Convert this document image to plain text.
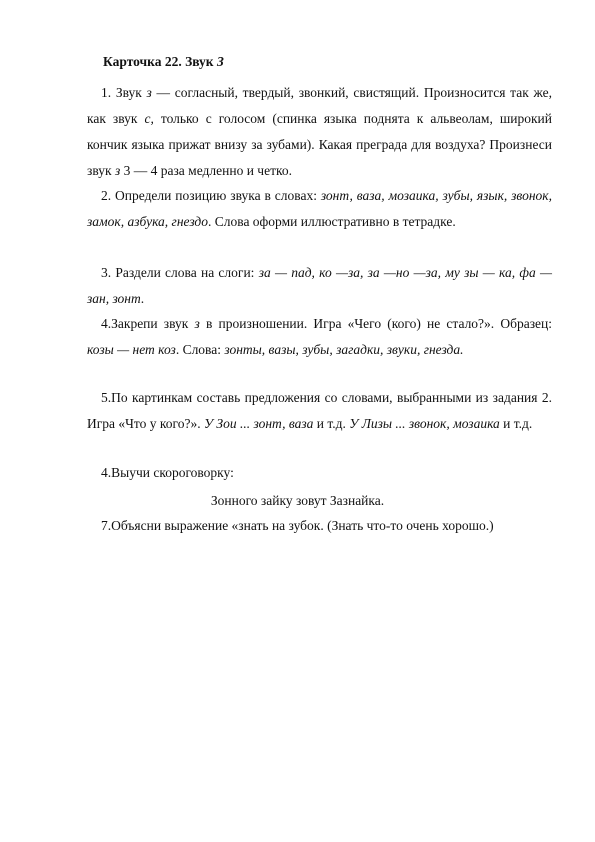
Карточка 22. Звук З
1. Звук з — согласный, твердый, звонкий, свистящий. Произносится так же, как звук с, только с голосом (спинка языка поднята к альвеолам, широкий кончик языка прижат внизу за зубами). Какая преграда для воздуха? Произнеси звук з 3 — 4 раза медленно и четко.
2. Определи позицию звука в словах: зонт, ваза, мозаика, зубы, язык, звонок, замок, азбука, гнездо. Слова оформи иллюстративно в тетрадке.
3. Раздели слова на слоги: за — пад, ко —за, за —но —за, му зы — ка, фа — зан, зонт.
4.Закрепи звук з в произношении. Игра «Чего (кого) не стало?». Образец: козы — нет коз. Слова: зонты, вазы, зубы, загадки, звуки, гнезда.
5.По картинкам составь предложения со словами, выбранными из задания 2. Игра «Что у кого?». У Зои ... зонт, ваза и т.д. У Лизы ... звонок, мозаика и т.д.
4.Выучи скороговорку:
Зонного зайку зовут Зазнайка.
7.Объясни выражение «знать на зубок. (Знать что-то очень хорошо.)
